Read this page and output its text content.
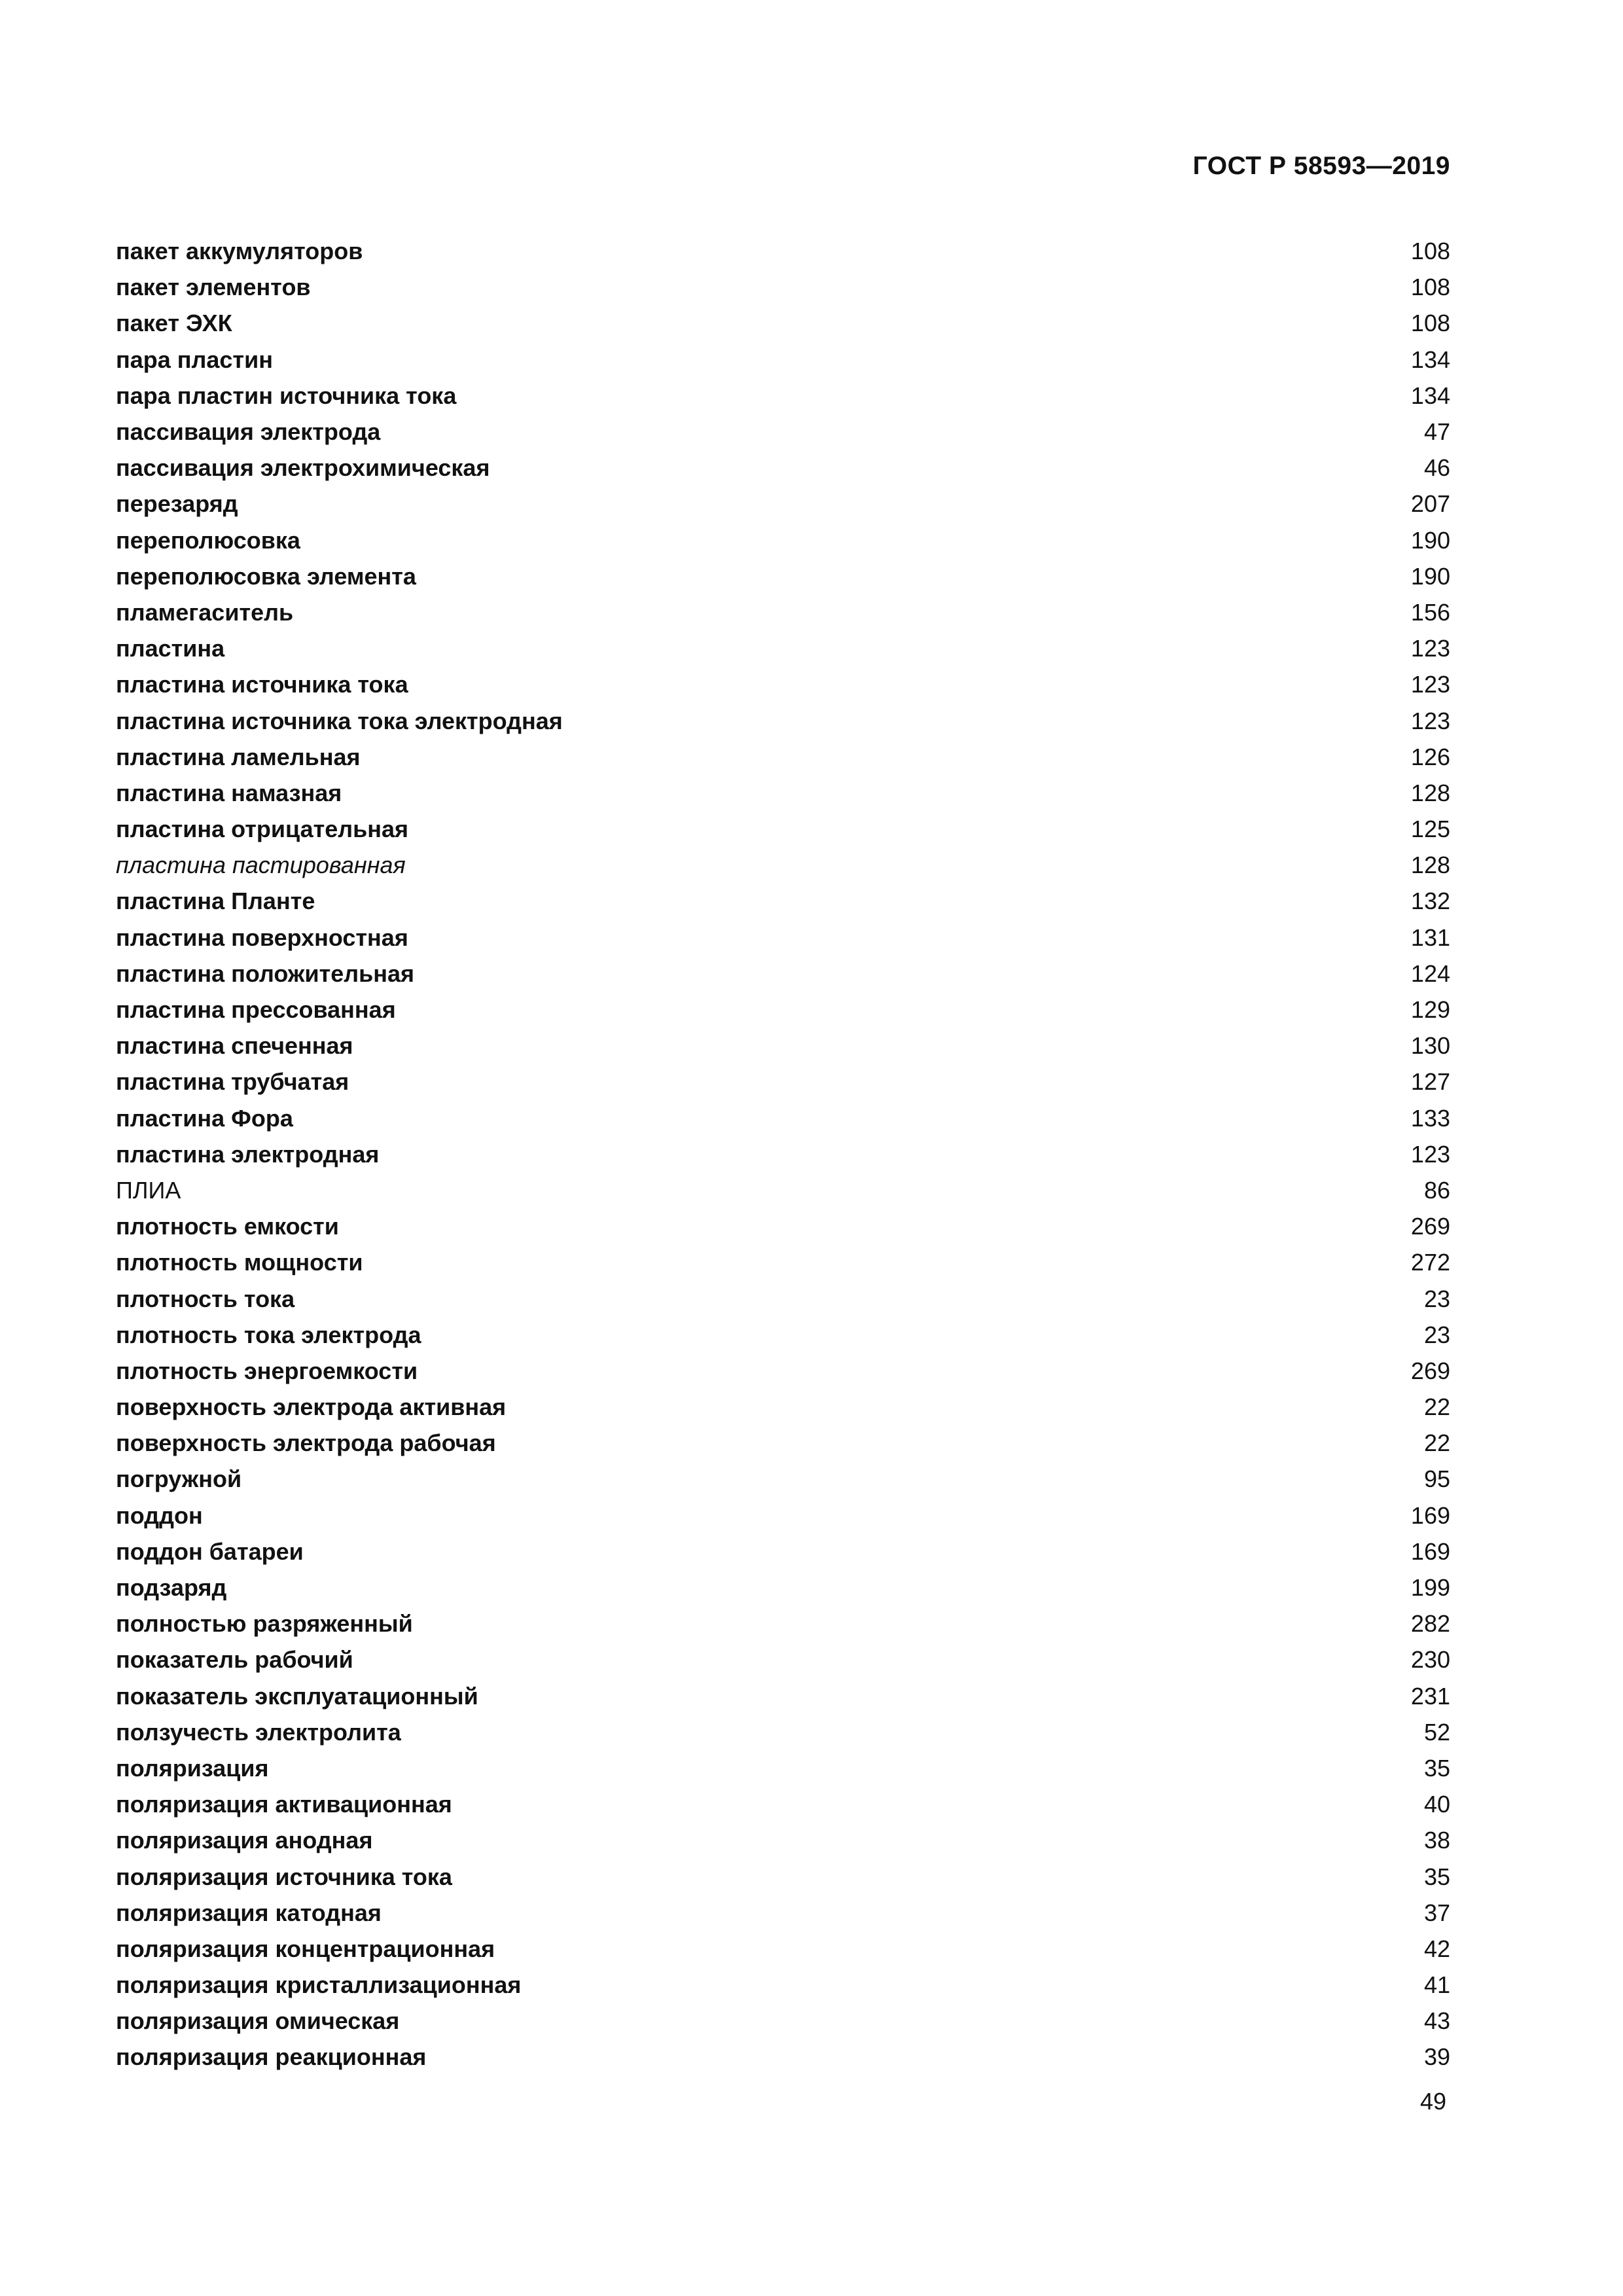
ГОСТ Р 58593—2019
пакет аккумуляторов	108
пакет элементов	108
пакет ЭХК	108
пара пластин	134
пара пластин источника тока	134
пассивация электрода	47
пассивация электрохимическая	46
перезаряд	207
переполюсовка	190
переполюсовка элемента	190
пламегаситель	156
пластина	123
пластина источника тока	123
пластина источника тока электродная	123
пластина ламельная	126
пластина намазная	128
пластина отрицательная	125
пластина пастированная	128
пластина Планте	132
пластина поверхностная	131
пластина положительная	124
пластина прессованная	129
пластина спеченная	130
пластина трубчатая	127
пластина Фора	133
пластина электродная	123
ПЛИА	86
плотность емкости	269
плотность мощности	272
плотность тока	23
плотность тока электрода	23
плотность энергоемкости	269
поверхность электрода активная	22
поверхность электрода рабочая	22
погружной	95
поддон	169
поддон батареи	169
подзаряд	199
полностью разряженный	282
показатель рабочий	230
показатель эксплуатационный	231
ползучесть электролита	52
поляризация	35
поляризация активационная	40
поляризация анодная	38
поляризация источника тока	35
поляризация катодная	37
поляризация концентрационная	42
поляризация кристаллизационная	41
поляризация омическая	43
поляризация реакционная	39
49
